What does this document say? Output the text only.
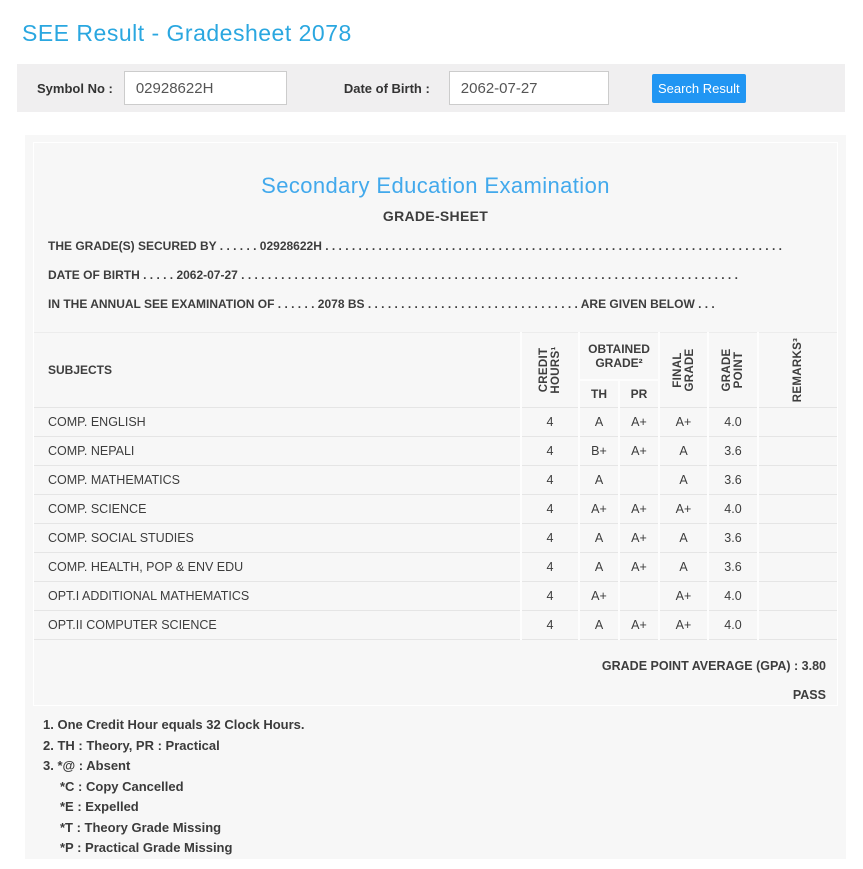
SEE Result - Gradesheet 2078
Symbol No :
02928622H	Date of Birth :
2062-07-27	Search Result
Secondary Education Examination
GRADE-SHEET
THE GRADE(S) SECURED BY . . . . . . 02928622H . . . . . . . . . . . . . . . . . . . . . . . . . . . . . . . . . . . . . . . . . . . . . . . . . . . . . . . . . . . . . . . . . . . . .
DATE OF BIRTH . . . . . 2062-07-27 . . . . . . . . . . . . . . . . . . . . . . . . . . . . . . . . . . . . . . . . . . . . . . . . . . . . . . . . . . . . . . . . . . . . . . . . . . .
IN THE ANNUAL SEE EXAMINATION OF . . . . . . 2078 BS . . . . . . . . . . . . . . . . . . . . . . . . . . . . . . . . ARE GIVEN BELOW . . .
SUBJECTS	CREDIT HOURS¹	OBTAINED GRADE²		FINAL GRADE	GRADE POINT	REMARKS³

		TH	PR			
COMP. ENGLISH	4	A	A+	A+	4.0	
COMP. NEPALI	4	B+	A+	A	3.6	
COMP. MATHEMATICS	4	A		A	3.6	
COMP. SCIENCE	4	A+	A+	A+	4.0	
COMP. SOCIAL STUDIES	4	A	A+	A	3.6	
COMP. HEALTH, POP & ENV EDU	4	A	A+	A	3.6	
OPT.I ADDITIONAL MATHEMATICS	4	A+		A+	4.0	
OPT.II COMPUTER SCIENCE	4	A	A+	A+	4.0	
GRADE POINT AVERAGE (GPA) : 3.80
PASS
1. One Credit Hour equals 32 Clock Hours.
2. TH : Theory, PR : Practical
3. *@ : Absent
*C : Copy Cancelled
*E : Expelled
*T : Theory Grade Missing
*P : Practical Grade Missing
